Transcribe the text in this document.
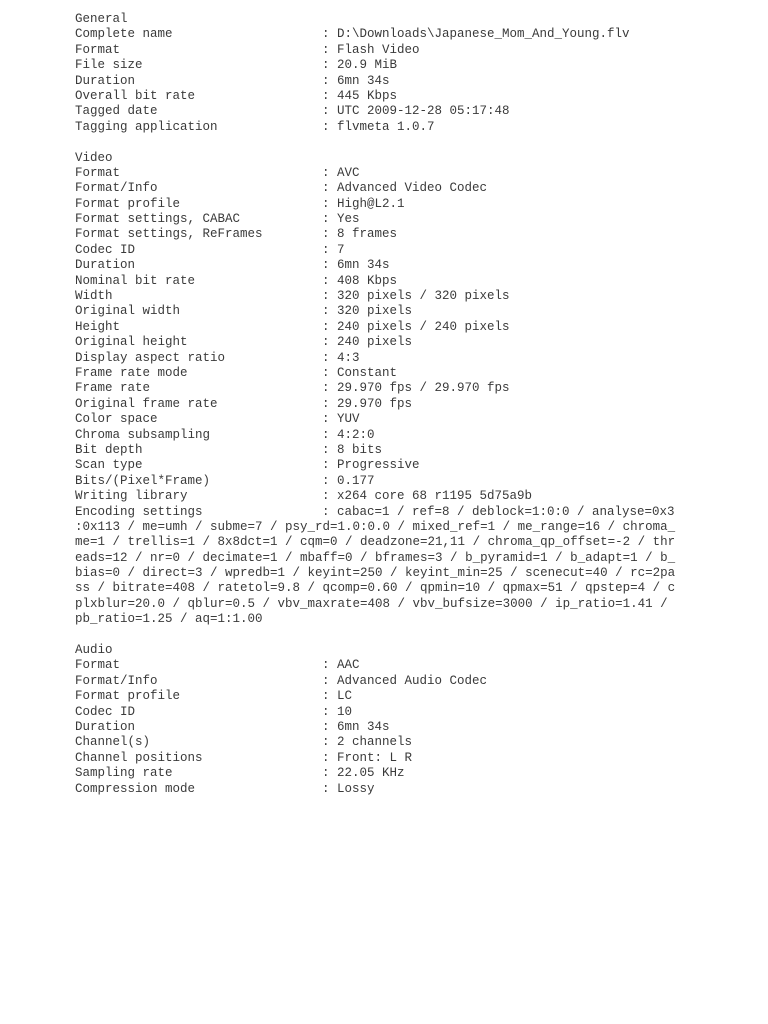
General
Complete name	: D:\Downloads\Japanese_Mom_And_Young.flv
Format	: Flash Video
File size	: 20.9 MiB
Duration	: 6mn 34s
Overall bit rate	: 445 Kbps
Tagged date	: UTC 2009-12-28 05:17:48
Tagging application	: flvmeta 1.0.7
Video
Format	: AVC
Format/Info	: Advanced Video Codec
Format profile	: High@L2.1
Format settings, CABAC	: Yes
Format settings, ReFrames	: 8 frames
Codec ID	: 7
Duration	: 6mn 34s
Nominal bit rate	: 408 Kbps
Width	: 320 pixels / 320 pixels
Original width	: 320 pixels
Height	: 240 pixels / 240 pixels
Original height	: 240 pixels
Display aspect ratio	: 4:3
Frame rate mode	: Constant
Frame rate	: 29.970 fps / 29.970 fps
Original frame rate	: 29.970 fps
Color space	: YUV
Chroma subsampling	: 4:2:0
Bit depth	: 8 bits
Scan type	: Progressive
Bits/(Pixel*Frame)	: 0.177
Writing library	: x264 core 68 r1195 5d75a9b
Encoding settings	: cabac=1 / ref=8 / deblock=1:0:0 / analyse=0x3
:0x113 / me=umh / subme=7 / psy_rd=1.0:0.0 / mixed_ref=1 / me_range=16 / chroma_
me=1 / trellis=1 / 8x8dct=1 / cqm=0 / deadzone=21,11 / chroma_qp_offset=-2 / thr
eads=12 / nr=0 / decimate=1 / mbaff=0 / bframes=3 / b_pyramid=1 / b_adapt=1 / b_
bias=0 / direct=3 / wpredb=1 / keyint=250 / keyint_min=25 / scenecut=40 / rc=2pa
ss / bitrate=408 / ratetol=9.8 / qcomp=0.60 / qpmin=10 / qpmax=51 / qpstep=4 / c
plxblur=20.0 / qblur=0.5 / vbv_maxrate=408 / vbv_bufsize=3000 / ip_ratio=1.41 /
pb_ratio=1.25 / aq=1:1.00
Audio
Format	: AAC
Format/Info	: Advanced Audio Codec
Format profile	: LC
Codec ID	: 10
Duration	: 6mn 34s
Channel(s)	: 2 channels
Channel positions	: Front: L R
Sampling rate	: 22.05 KHz
Compression mode	: Lossy
